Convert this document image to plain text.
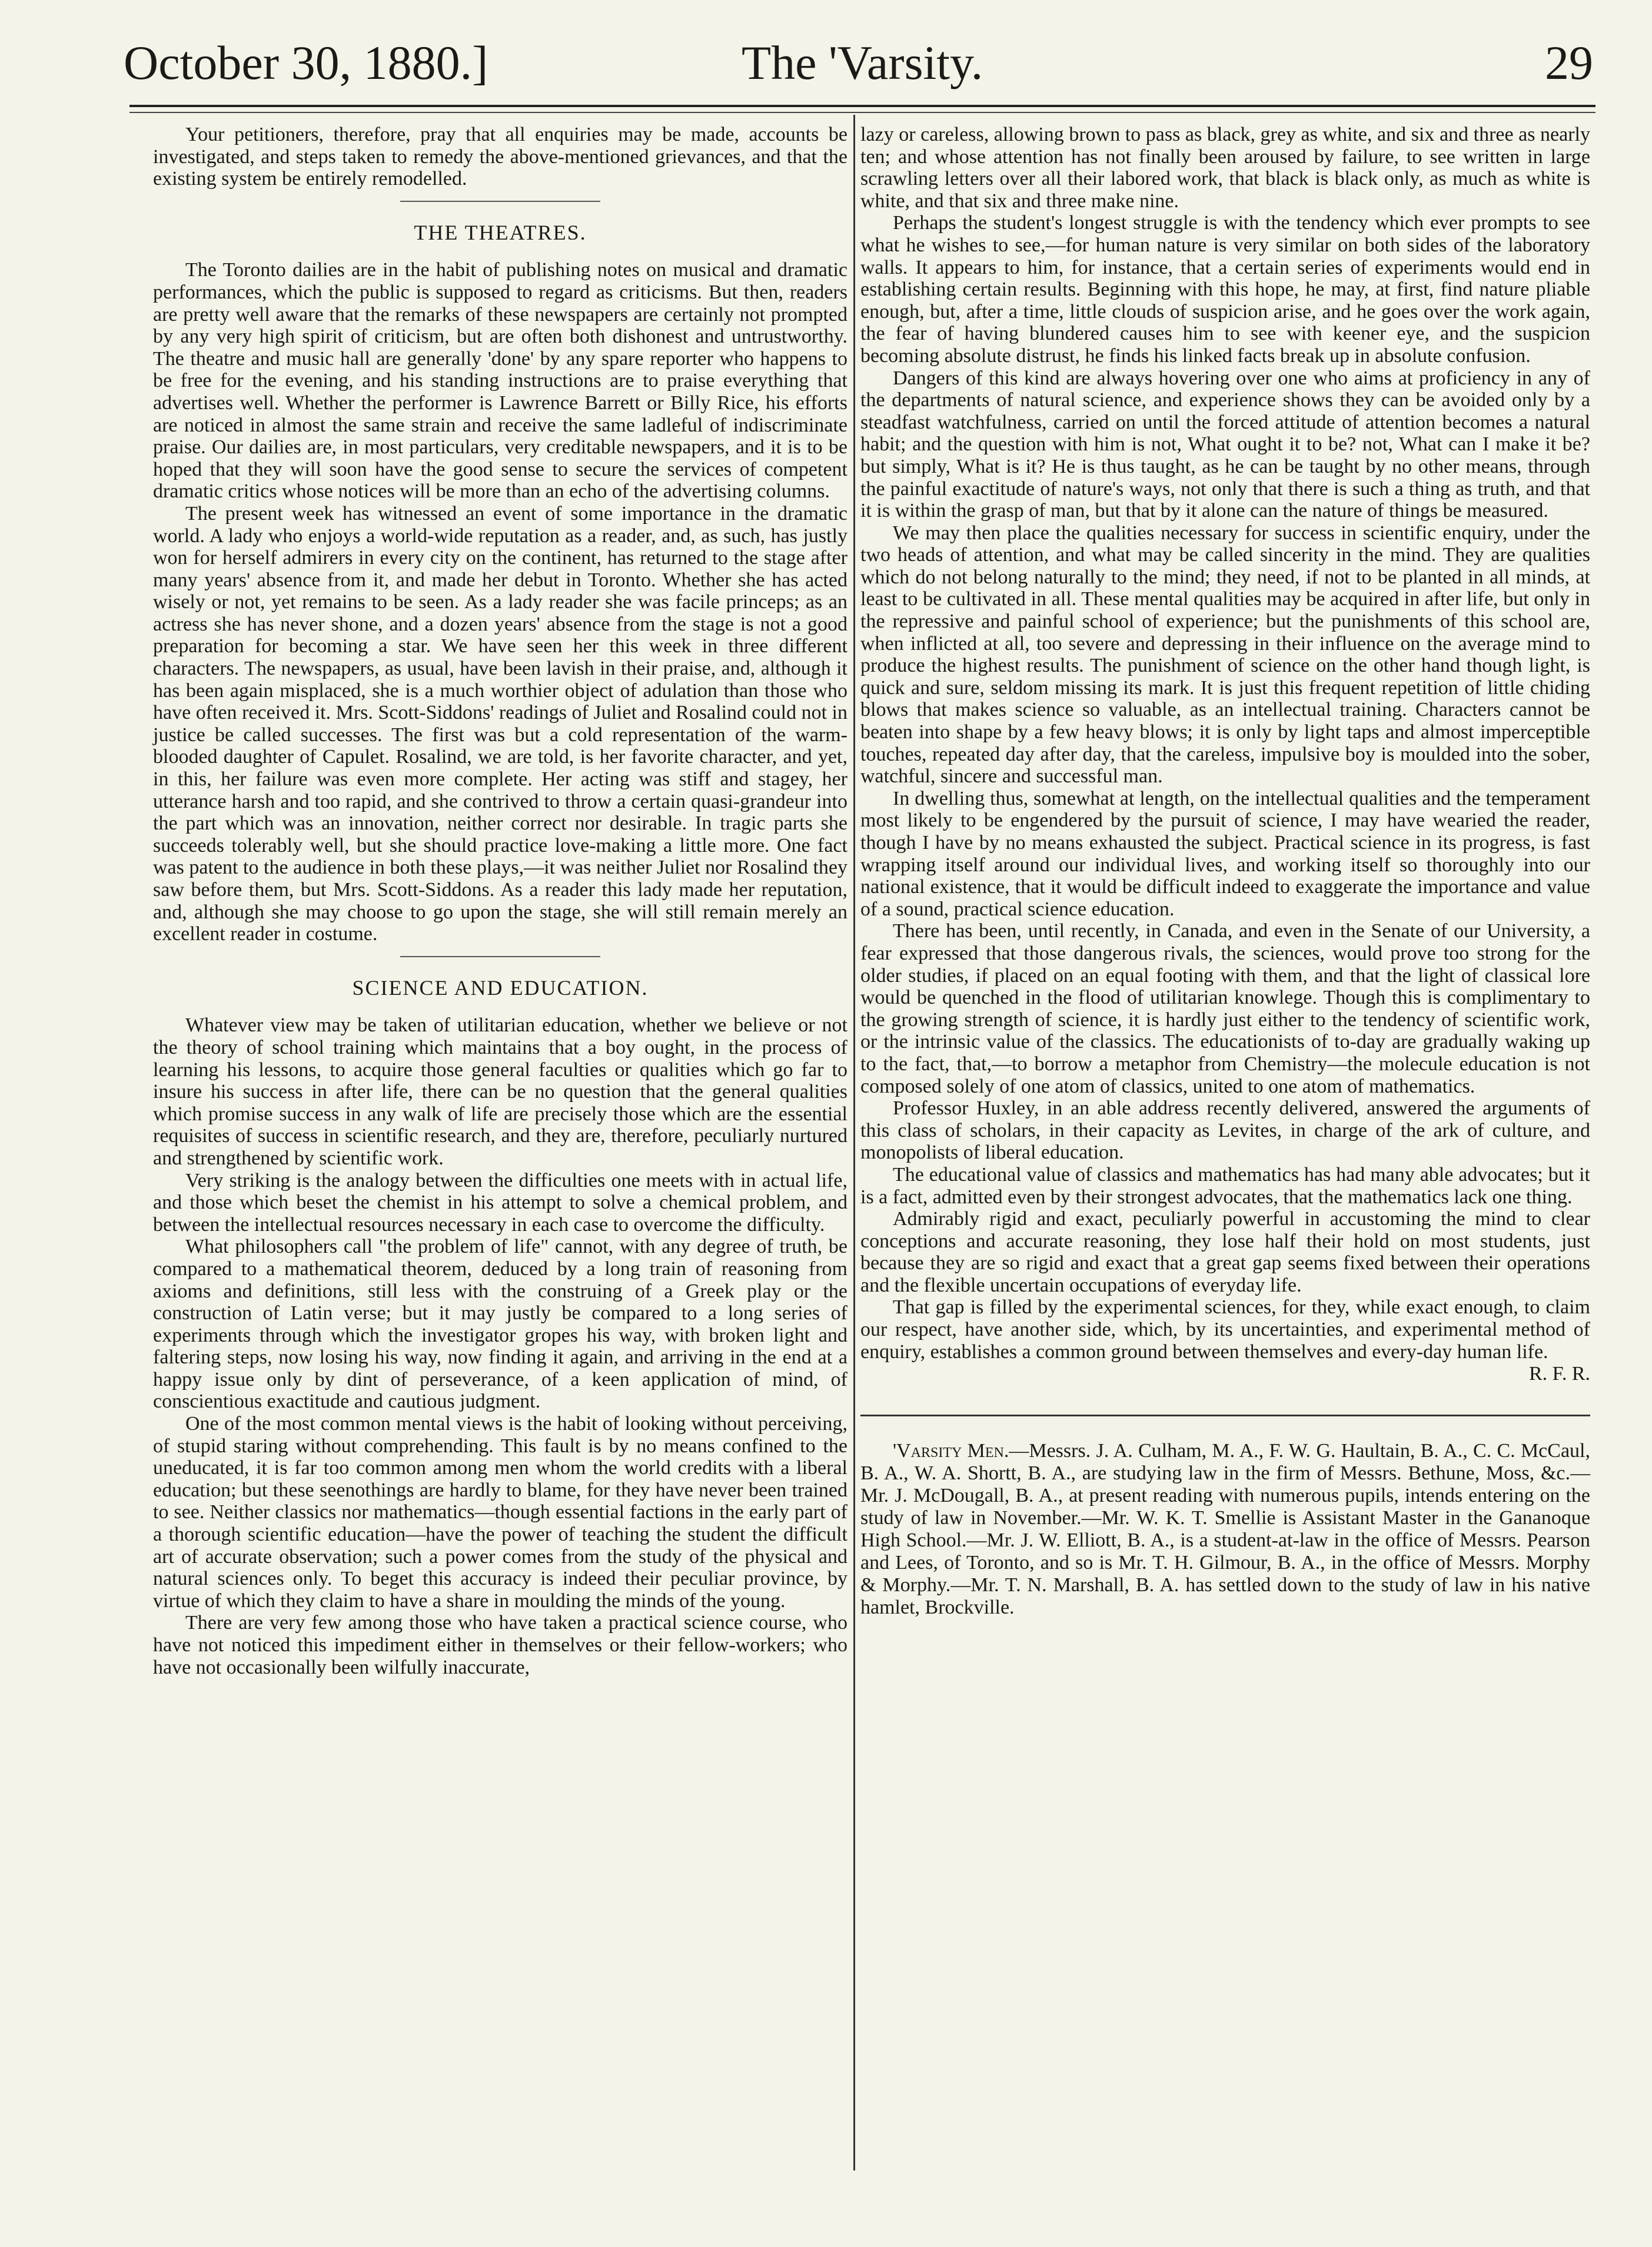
October 30, 1880.]	The 'Varsity.	29

Your petitioners, therefore, pray that all enquiries may be made, accounts be investigated, and steps taken to remedy the above-mentioned grievances, and that the existing system be entirely remodelled.

THE THEATRES.

The Toronto dailies are in the habit of publishing notes on musical and dramatic performances, which the public is supposed to regard as criticisms. But then, readers are pretty well aware that the remarks of these newspapers are certainly not prompted by any very high spirit of criticism, but are often both dishonest and untrustworthy. The theatre and music hall are generally 'done' by any spare reporter who happens to be free for the evening, and his standing instructions are to praise everything that advertises well. Whether the performer is Lawrence Barrett or Billy Rice, his efforts are noticed in almost the same strain and receive the same ladleful of indiscriminate praise. Our dailies are, in most particulars, very creditable newspapers, and it is to be hoped that they will soon have the good sense to secure the services of competent dramatic critics whose notices will be more than an echo of the advertising columns.

The present week has witnessed an event of some importance in the dramatic world. A lady who enjoys a world-wide reputation as a reader, and, as such, has justly won for herself admirers in every city on the continent, has returned to the stage after many years' absence from it, and made her debut in Toronto. Whether she has acted wisely or not, yet remains to be seen. As a lady reader she was facile princeps; as an actress she has never shone, and a dozen years' absence from the stage is not a good preparation for becoming a star. We have seen her this week in three different characters. The newspapers, as usual, have been lavish in their praise, and, although it has been again misplaced, she is a much worthier object of adulation than those who have often received it. Mrs. Scott-Siddons' readings of Juliet and Rosalind could not in justice be called successes. The first was but a cold representation of the warm-blooded daughter of Capulet. Rosalind, we are told, is her favorite character, and yet, in this, her failure was even more complete. Her acting was stiff and stagey, her utterance harsh and too rapid, and she contrived to throw a certain quasi-grandeur into the part which was an innovation, neither correct nor desirable. In tragic parts she succeeds tolerably well, but she should practice love-making a little more. One fact was patent to the audience in both these plays,—it was neither Juliet nor Rosalind they saw before them, but Mrs. Scott-Siddons. As a reader this lady made her reputation, and, although she may choose to go upon the stage, she will still remain merely an excellent reader in costume.

SCIENCE AND EDUCATION.

Whatever view may be taken of utilitarian education, whether we believe or not the theory of school training which maintains that a boy ought, in the process of learning his lessons, to acquire those general faculties or qualities which go far to insure his success in after life, there can be no question that the general qualities which promise success in any walk of life are precisely those which are the essential requisites of success in scientific research, and they are, therefore, peculiarly nurtured and strengthened by scientific work.

Very striking is the analogy between the difficulties one meets with in actual life, and those which beset the chemist in his attempt to solve a chemical problem, and between the intellectual resources necessary in each case to overcome the difficulty.

What philosophers call "the problem of life" cannot, with any degree of truth, be compared to a mathematical theorem, deduced by a long train of reasoning from axioms and definitions, still less with the construing of a Greek play or the construction of Latin verse; but it may justly be compared to a long series of experiments through which the investigator gropes his way, with broken light and faltering steps, now losing his way, now finding it again, and arriving in the end at a happy issue only by dint of perseverance, of a keen application of mind, of conscientious exactitude and cautious judgment.

One of the most common mental views is the habit of looking without perceiving, of stupid staring without comprehending. This fault is by no means confined to the uneducated, it is far too common among men whom the world credits with a liberal education; but these seenothings are hardly to blame, for they have never been trained to see. Neither classics nor mathematics—though essential factions in the early part of a thorough scientific education—have the power of teaching the student the difficult art of accurate observation; such a power comes from the study of the physical and natural sciences only. To beget this accuracy is indeed their peculiar province, by virtue of which they claim to have a share in moulding the minds of the young.

There are very few among those who have taken a practical science course, who have not noticed this impediment either in themselves or their fellow-workers; who have not occasionally been wilfully inaccurate,

lazy or careless, allowing brown to pass as black, grey as white, and six and three as nearly ten; and whose attention has not finally been aroused by failure, to see written in large scrawling letters over all their labored work, that black is black only, as much as white is white, and that six and three make nine.

Perhaps the student's longest struggle is with the tendency which ever prompts to see what he wishes to see,—for human nature is very similar on both sides of the laboratory walls. It appears to him, for instance, that a certain series of experiments would end in establishing certain results. Beginning with this hope, he may, at first, find nature pliable enough, but, after a time, little clouds of suspicion arise, and he goes over the work again, the fear of having blundered causes him to see with keener eye, and the suspicion becoming absolute distrust, he finds his linked facts break up in absolute confusion.

Dangers of this kind are always hovering over one who aims at proficiency in any of the departments of natural science, and experience shows they can be avoided only by a steadfast watchfulness, carried on until the forced attitude of attention becomes a natural habit; and the question with him is not, What ought it to be? not, What can I make it be? but simply, What is it? He is thus taught, as he can be taught by no other means, through the painful exactitude of nature's ways, not only that there is such a thing as truth, and that it is within the grasp of man, but that by it alone can the nature of things be measured.

We may then place the qualities necessary for success in scientific enquiry, under the two heads of attention, and what may be called sincerity in the mind. They are qualities which do not belong naturally to the mind; they need, if not to be planted in all minds, at least to be cultivated in all. These mental qualities may be acquired in after life, but only in the repressive and painful school of experience; but the punishments of this school are, when inflicted at all, too severe and depressing in their influence on the average mind to produce the highest results. The punishment of science on the other hand though light, is quick and sure, seldom missing its mark. It is just this frequent repetition of little chiding blows that makes science so valuable, as an intellectual training. Characters cannot be beaten into shape by a few heavy blows; it is only by light taps and almost imperceptible touches, repeated day after day, that the careless, impulsive boy is moulded into the sober, watchful, sincere and successful man.

In dwelling thus, somewhat at length, on the intellectual qualities and the temperament most likely to be engendered by the pursuit of science, I may have wearied the reader, though I have by no means exhausted the subject. Practical science in its progress, is fast wrapping itself around our individual lives, and working itself so thoroughly into our national existence, that it would be difficult indeed to exaggerate the importance and value of a sound, practical science education.

There has been, until recently, in Canada, and even in the Senate of our University, a fear expressed that those dangerous rivals, the sciences, would prove too strong for the older studies, if placed on an equal footing with them, and that the light of classical lore would be quenched in the flood of utilitarian knowlege. Though this is complimentary to the growing strength of science, it is hardly just either to the tendency of scientific work, or the intrinsic value of the classics. The educationists of to-day are gradually waking up to the fact, that,—to borrow a metaphor from Chemistry—the molecule education is not composed solely of one atom of classics, united to one atom of mathematics.

Professor Huxley, in an able address recently delivered, answered the arguments of this class of scholars, in their capacity as Levites, in charge of the ark of culture, and monopolists of liberal education.

The educational value of classics and mathematics has had many able advocates; but it is a fact, admitted even by their strongest advocates, that the mathematics lack one thing.

Admirably rigid and exact, peculiarly powerful in accustoming the mind to clear conceptions and accurate reasoning, they lose half their hold on most students, just because they are so rigid and exact that a great gap seems fixed between their operations and the flexible uncertain occupations of everyday life.

That gap is filled by the experimental sciences, for they, while exact enough, to claim our respect, have another side, which, by its uncertainties, and experimental method of enquiry, establishes a common ground between themselves and every-day human life.

R. F. R.

'Varsity Men.—Messrs. J. A. Culham, M. A., F. W. G. Haultain, B. A., C. C. McCaul, B. A., W. A. Shortt, B. A., are studying law in the firm of Messrs. Bethune, Moss, &c.—Mr. J. McDougall, B. A., at present reading with numerous pupils, intends entering on the study of law in November.—Mr. W. K. T. Smellie is Assistant Master in the Gananoque High School.—Mr. J. W. Elliott, B. A., is a student-at-law in the office of Messrs. Pearson and Lees, of Toronto, and so is Mr. T. H. Gilmour, B. A., in the office of Messrs. Morphy & Morphy.—Mr. T. N. Marshall, B. A. has settled down to the study of law in his native hamlet, Brockville.
